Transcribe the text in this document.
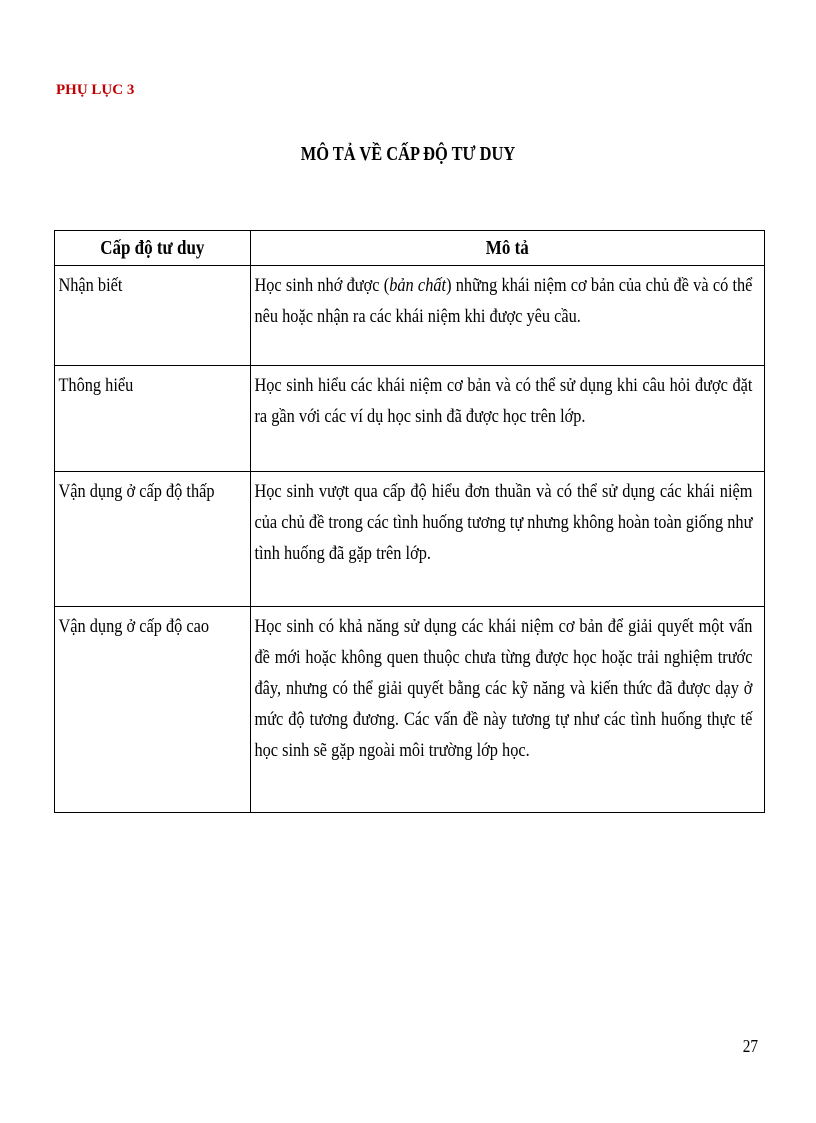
PHỤ LỤC 3
MÔ TẢ VỀ CẤP ĐỘ TƯ DUY
Cấp độ tư duy	Mô tả

Nhận biết	Học sinh nhớ được (bản chất) những khái niệm cơ bản của chủ đề và có thể nêu hoặc nhận ra các khái niệm khi được yêu cầu.

Thông hiểu	Học sinh hiểu các khái niệm cơ bản và có thể sử dụng khi câu hỏi được đặt ra gần với các ví dụ học sinh đã được học trên lớp.

Vận dụng ở cấp độ thấp	Học sinh vượt qua cấp độ hiểu đơn thuần và có thể sử dụng các khái niệm của chủ đề trong các tình huống tương tự nhưng không hoàn toàn giống như tình huống đã gặp trên lớp.

Vận dụng ở cấp độ cao	Học sinh có khả năng sử dụng các khái niệm cơ bản để giải quyết một vấn đề mới hoặc không quen thuộc chưa từng được học hoặc trải nghiệm trước đây, nhưng có thể giải quyết bằng các kỹ năng và kiến thức đã được dạy ở mức độ tương đương. Các vấn đề này tương tự như các tình huống thực tế học sinh sẽ gặp ngoài môi trường lớp học.
27
